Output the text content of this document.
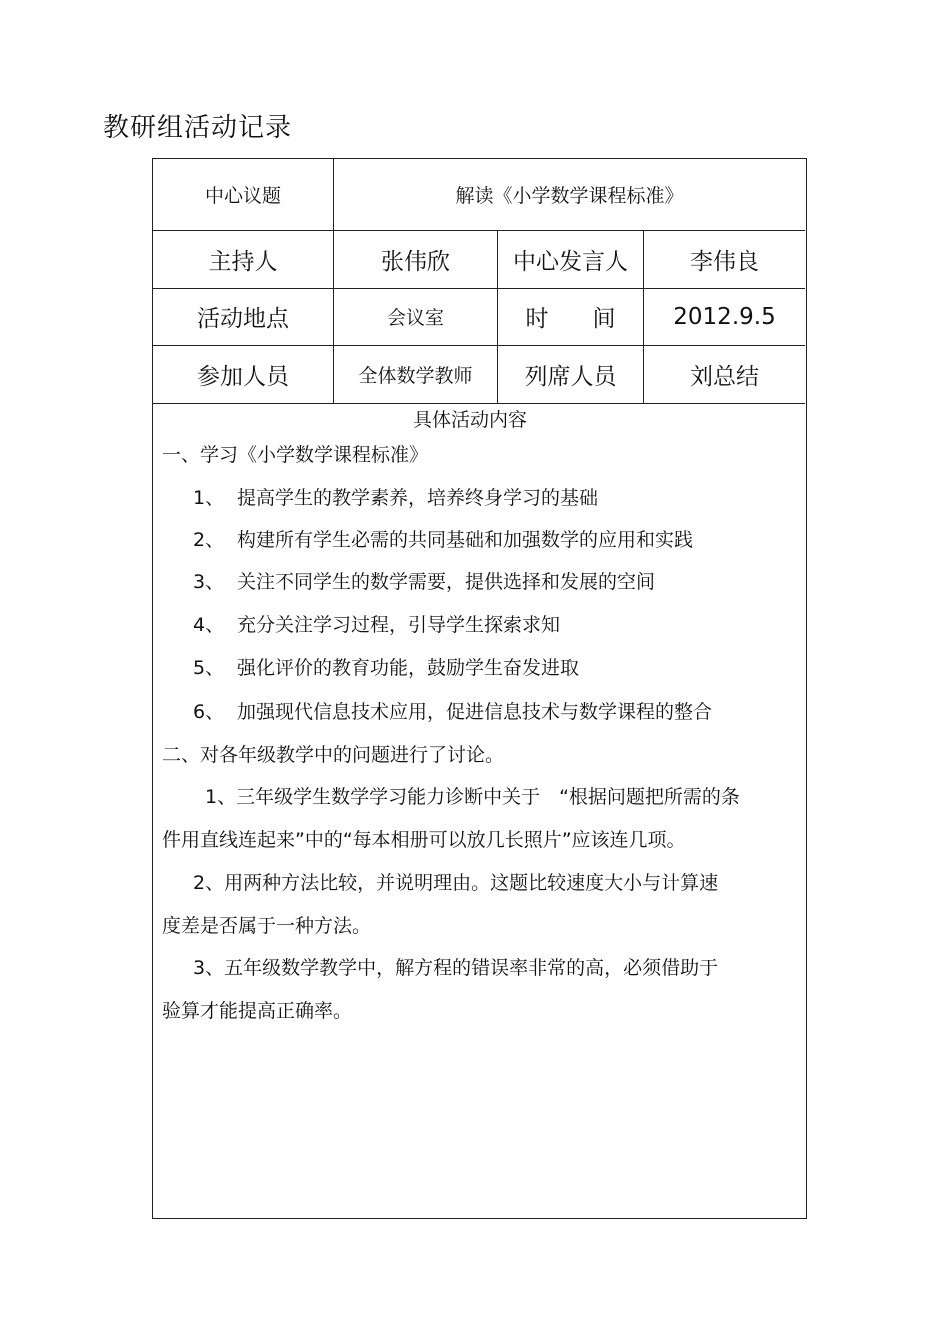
教研组活动记录
中心议题	解读《小学数学课程标准》
主持人	张伟欣	中心发言人	李伟良
活动地点	会议室	时 间	2012.9.5
参加人员	全体数学教师	列席人员	刘总结
具体活动内容
一、学习《小学数学课程标准》
1、 提高学生的教学素养，培养终身学习的基础
2、 构建所有学生必需的共同基础和加强数学的应用和实践
3、 关注不同学生的数学需要，提供选择和发展的空间
4、 充分关注学习过程，引导学生探索求知
5、 强化评价的教育功能，鼓励学生奋发进取
6、 加强现代信息技术应用，促进信息技术与数学课程的整合
二、对各年级教学中的问题进行了讨论。
1、三年级学生数学学习能力诊断中关于　“根据问题把所需的条
件用直线连起来”中的“每本相册可以放几长照片”应该连几项。
2、用两种方法比较，并说明理由。这题比较速度大小与计算速
度差是否属于一种方法。
3、五年级数学教学中，解方程的错误率非常的高，必须借助于
验算才能提高正确率。
